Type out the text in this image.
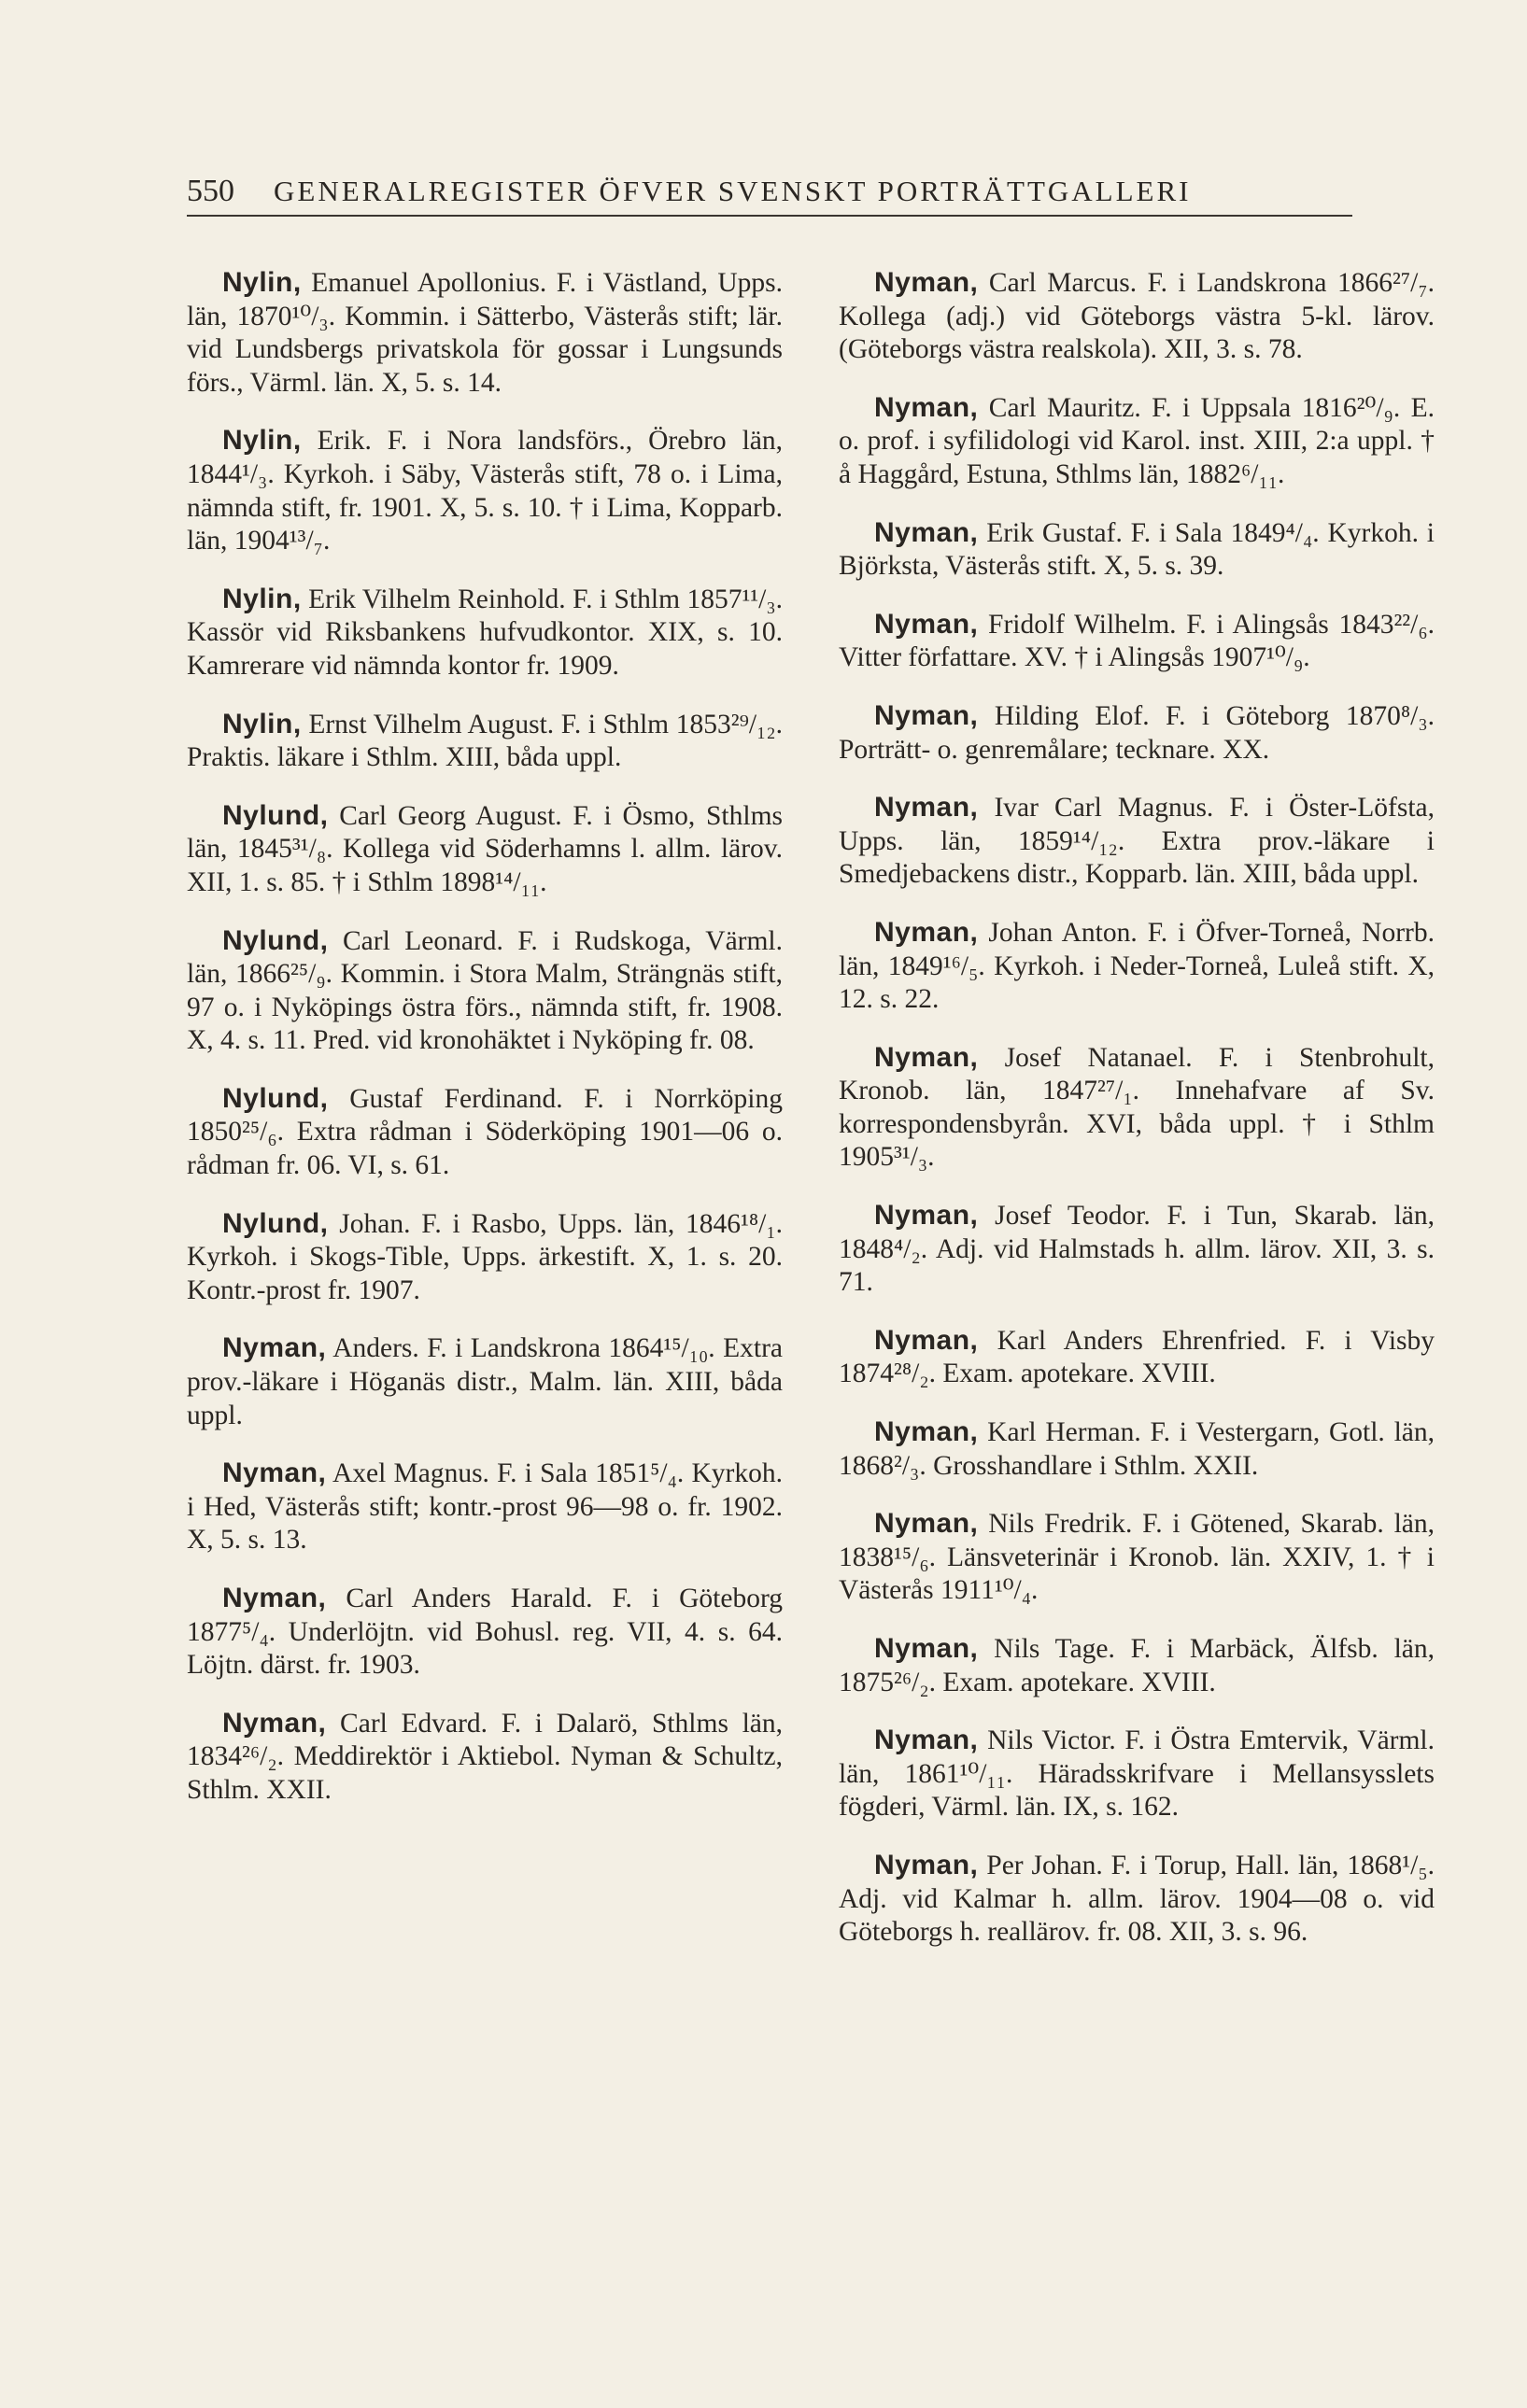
550 GENERALREGISTER ÖFVER SVENSKT PORTRÄTTGALLERI
Nylin, Emanuel Apollonius. F. i Västland, Upps. län, 1870¹⁰/₃. Kommin. i Sätterbo, Västerås stift; lär. vid Lundsbergs privatskola för gossar i Lungsunds förs., Värml. län. X, 5. s. 14.
Nylin, Erik. F. i Nora landsförs., Örebro län, 1844¹/₃. Kyrkoh. i Säby, Västerås stift, 78 o. i Lima, nämnda stift, fr. 1901. X, 5. s. 10. † i Lima, Kopparb. län, 1904¹³/₇.
Nylin, Erik Vilhelm Reinhold. F. i Sthlm 1857¹¹/₃. Kassör vid Riksbankens hufvudkontor. XIX, s. 10. Kamrerare vid nämnda kontor fr. 1909.
Nylin, Ernst Vilhelm August. F. i Sthlm 1853²⁹/₁₂. Praktis. läkare i Sthlm. XIII, båda uppl.
Nylund, Carl Georg August. F. i Ösmo, Sthlms län, 1845³¹/₈. Kollega vid Söderhamns l. allm. lärov. XII, 1. s. 85. † i Sthlm 1898¹⁴/₁₁.
Nylund, Carl Leonard. F. i Rudskoga, Värml. län, 1866²⁵/₉. Kommin. i Stora Malm, Strängnäs stift, 97 o. i Nyköpings östra förs., nämnda stift, fr. 1908. X, 4. s. 11. Pred. vid kronohäktet i Nyköping fr. 08.
Nylund, Gustaf Ferdinand. F. i Norrköping 1850²⁵/₆. Extra rådman i Söderköping 1901—06 o. rådman fr. 06. VI, s. 61.
Nylund, Johan. F. i Rasbo, Upps. län, 1846¹⁸/₁. Kyrkoh. i Skogs-Tible, Upps. ärkestift. X, 1. s. 20. Kontr.-prost fr. 1907.
Nyman, Anders. F. i Landskrona 1864¹⁵/₁₀. Extra prov.-läkare i Höganäs distr., Malm. län. XIII, båda uppl.
Nyman, Axel Magnus. F. i Sala 1851⁵/₄. Kyrkoh. i Hed, Västerås stift; kontr.-prost 96—98 o. fr. 1902. X, 5. s. 13.
Nyman, Carl Anders Harald. F. i Göteborg 1877⁵/₄. Underlöjtn. vid Bohusl. reg. VII, 4. s. 64. Löjtn. därst. fr. 1903.
Nyman, Carl Edvard. F. i Dalarö, Sthlms län, 1834²⁶/₂. Meddirektör i Aktiebol. Nyman & Schultz, Sthlm. XXII.
Nyman, Carl Marcus. F. i Landskrona 1866²⁷/₇. Kollega (adj.) vid Göteborgs västra 5-kl. lärov. (Göteborgs västra realskola). XII, 3. s. 78.
Nyman, Carl Mauritz. F. i Uppsala 1816²⁰/₉. E. o. prof. i syfilidologi vid Karol. inst. XIII, 2:a uppl. † å Haggård, Estuna, Sthlms län, 1882⁶/₁₁.
Nyman, Erik Gustaf. F. i Sala 1849⁴/₄. Kyrkoh. i Björksta, Västerås stift. X, 5. s. 39.
Nyman, Fridolf Wilhelm. F. i Alingsås 1843²²/₆. Vitter författare. XV. † i Alingsås 1907¹⁰/₉.
Nyman, Hilding Elof. F. i Göteborg 1870⁸/₃. Porträtt- o. genremålare; tecknare. XX.
Nyman, Ivar Carl Magnus. F. i Öster-Löfsta, Upps. län, 1859¹⁴/₁₂. Extra prov.-läkare i Smedjebackens distr., Kopparb. län. XIII, båda uppl.
Nyman, Johan Anton. F. i Öfver-Torneå, Norrb. län, 1849¹⁶/₅. Kyrkoh. i Neder-Torneå, Luleå stift. X, 12. s. 22.
Nyman, Josef Natanael. F. i Stenbrohult, Kronob. län, 1847²⁷/₁. Innehafvare af Sv. korrespondensbyrån. XVI, båda uppl. † i Sthlm 1905³¹/₃.
Nyman, Josef Teodor. F. i Tun, Skarab. län, 1848⁴/₂. Adj. vid Halmstads h. allm. lärov. XII, 3. s. 71.
Nyman, Karl Anders Ehrenfried. F. i Visby 1874²⁸/₂. Exam. apotekare. XVIII.
Nyman, Karl Herman. F. i Vestergarn, Gotl. län, 1868²/₃. Grosshandlare i Sthlm. XXII.
Nyman, Nils Fredrik. F. i Götened, Skarab. län, 1838¹⁵/₆. Länsveterinär i Kronob. län. XXIV, 1. † i Västerås 1911¹⁰/₄.
Nyman, Nils Tage. F. i Marbäck, Älfsb. län, 1875²⁶/₂. Exam. apotekare. XVIII.
Nyman, Nils Victor. F. i Östra Emtervik, Värml. län, 1861¹⁰/₁₁. Häradsskrifvare i Mellansysslets fögderi, Värml. län. IX, s. 162.
Nyman, Per Johan. F. i Torup, Hall. län, 1868¹/₅. Adj. vid Kalmar h. allm. lärov. 1904—08 o. vid Göteborgs h. reallärov. fr. 08. XII, 3. s. 96.
